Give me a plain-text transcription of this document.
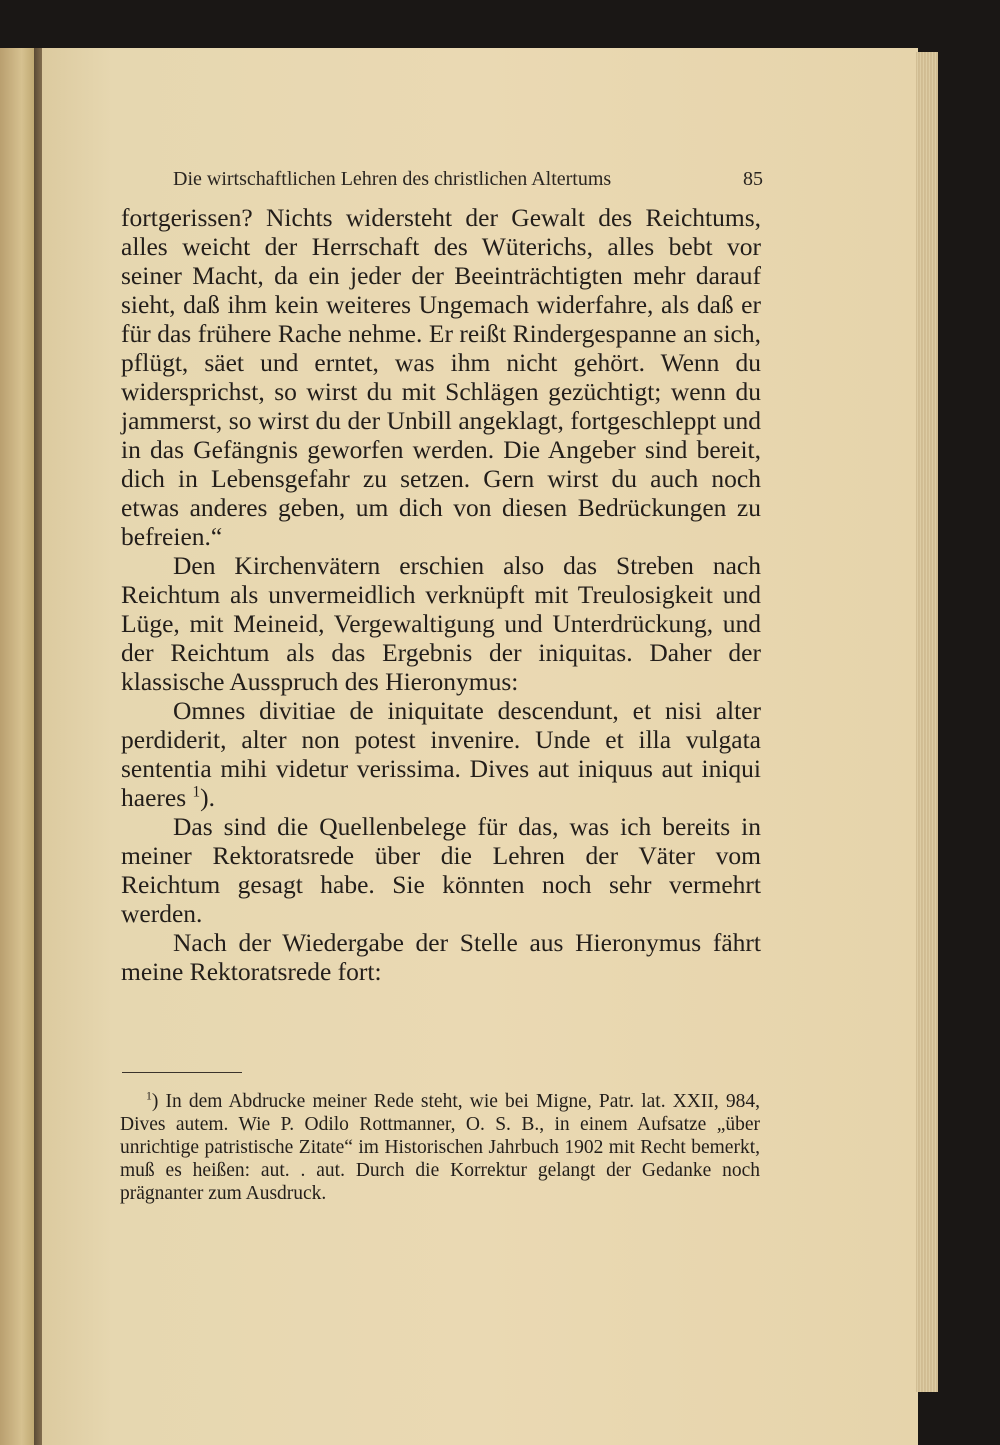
Die wirtschaftlichen Lehren des christlichen Altertums	85

fortgerissen? Nichts widersteht der Gewalt des Reichtums, alles weicht der Herrschaft des Wüterichs, alles bebt vor seiner Macht, da ein jeder der Beeinträchtigten mehr darauf sieht, daß ihm kein weiteres Ungemach widerfahre, als daß er für das frühere Rache nehme. Er reißt Rindergespanne an sich, pflügt, säet und erntet, was ihm nicht gehört. Wenn du widersprichst, so wirst du mit Schlägen gezüchtigt; wenn du jammerst, so wirst du der Unbill angeklagt, fortgeschleppt und in das Gefängnis geworfen werden. Die Angeber sind bereit, dich in Lebensgefahr zu setzen. Gern wirst du auch noch etwas anderes geben, um dich von diesen Bedrückungen zu befreien.“

Den Kirchenvätern erschien also das Streben nach Reichtum als unvermeidlich verknüpft mit Treulosigkeit und Lüge, mit Meineid, Vergewaltigung und Unterdrückung, und der Reichtum als das Ergebnis der iniquitas. Daher der klassische Ausspruch des Hieronymus:

Omnes divitiae de iniquitate descendunt, et nisi alter perdiderit, alter non potest invenire. Unde et illa vulgata sententia mihi videtur verissima. Dives aut iniquus aut iniqui haeres $^1$).

Das sind die Quellenbelege für das, was ich bereits in meiner Rektoratsrede über die Lehren der Väter vom Reichtum gesagt habe. Sie könnten noch sehr vermehrt werden.

Nach der Wiedergabe der Stelle aus Hieronymus fährt meine Rektoratsrede fort:

$^1$) In dem Abdrucke meiner Rede steht, wie bei Migne, Patr. lat. XXII, 984, Dives autem. Wie P. Odilo Rottmanner, O. S. B., in einem Aufsatze „über unrichtige patristische Zitate“ im Historischen Jahrbuch 1902 mit Recht bemerkt, muß es heißen: aut. . aut. Durch die Korrektur gelangt der Gedanke noch prägnanter zum Ausdruck.
